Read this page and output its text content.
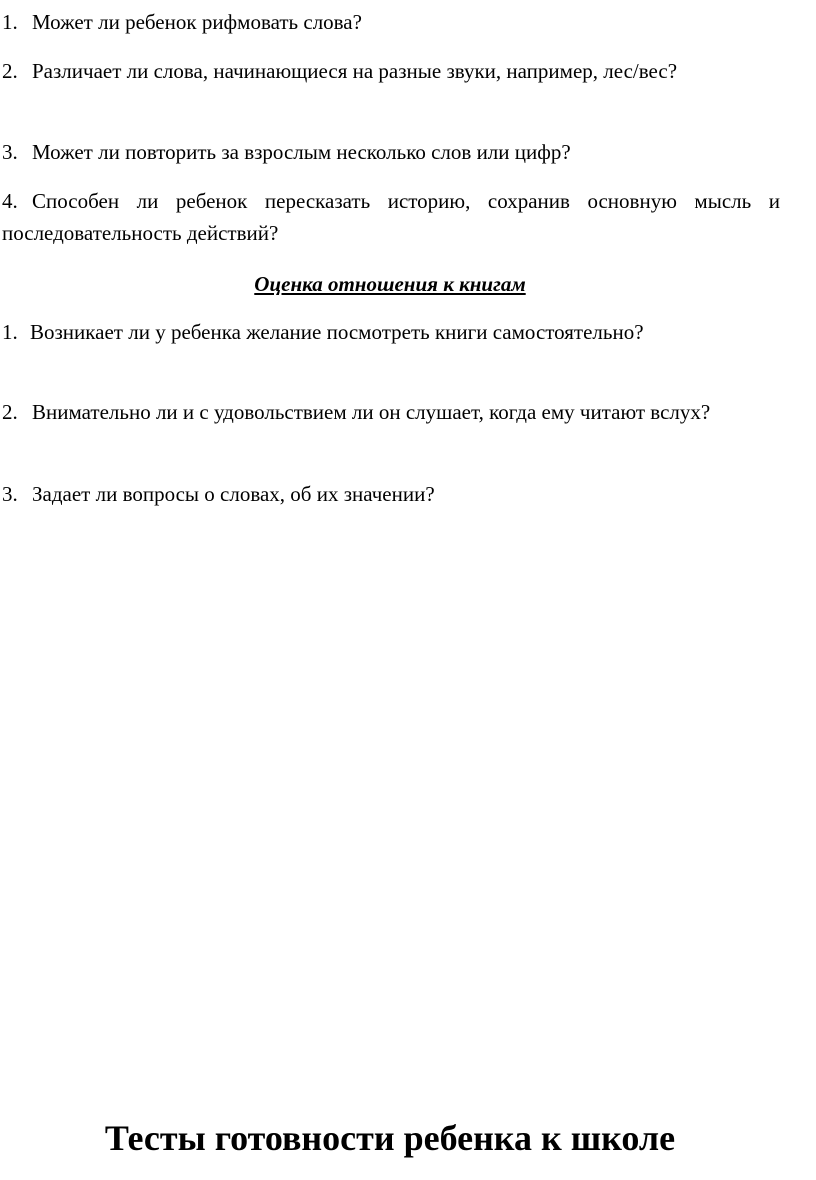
1. Может ли ребенок рифмовать слова?

2. Различает ли слова, начинающиеся на разные звуки, например, лес/вес?

3. Может ли повторить за взрослым несколько слов или цифр?

4. Способен ли ребенок пересказать историю, сохранив основную мысль и последовательность действий?

Оценка отношения к книгам

1. Возникает ли у ребенка желание посмотреть книги самостоятельно?

2. Внимательно ли и с удовольствием ли он слушает, когда ему читают вслух?

3. Задает ли вопросы о словах, об их значении?

Тесты готовности ребенка к школе
